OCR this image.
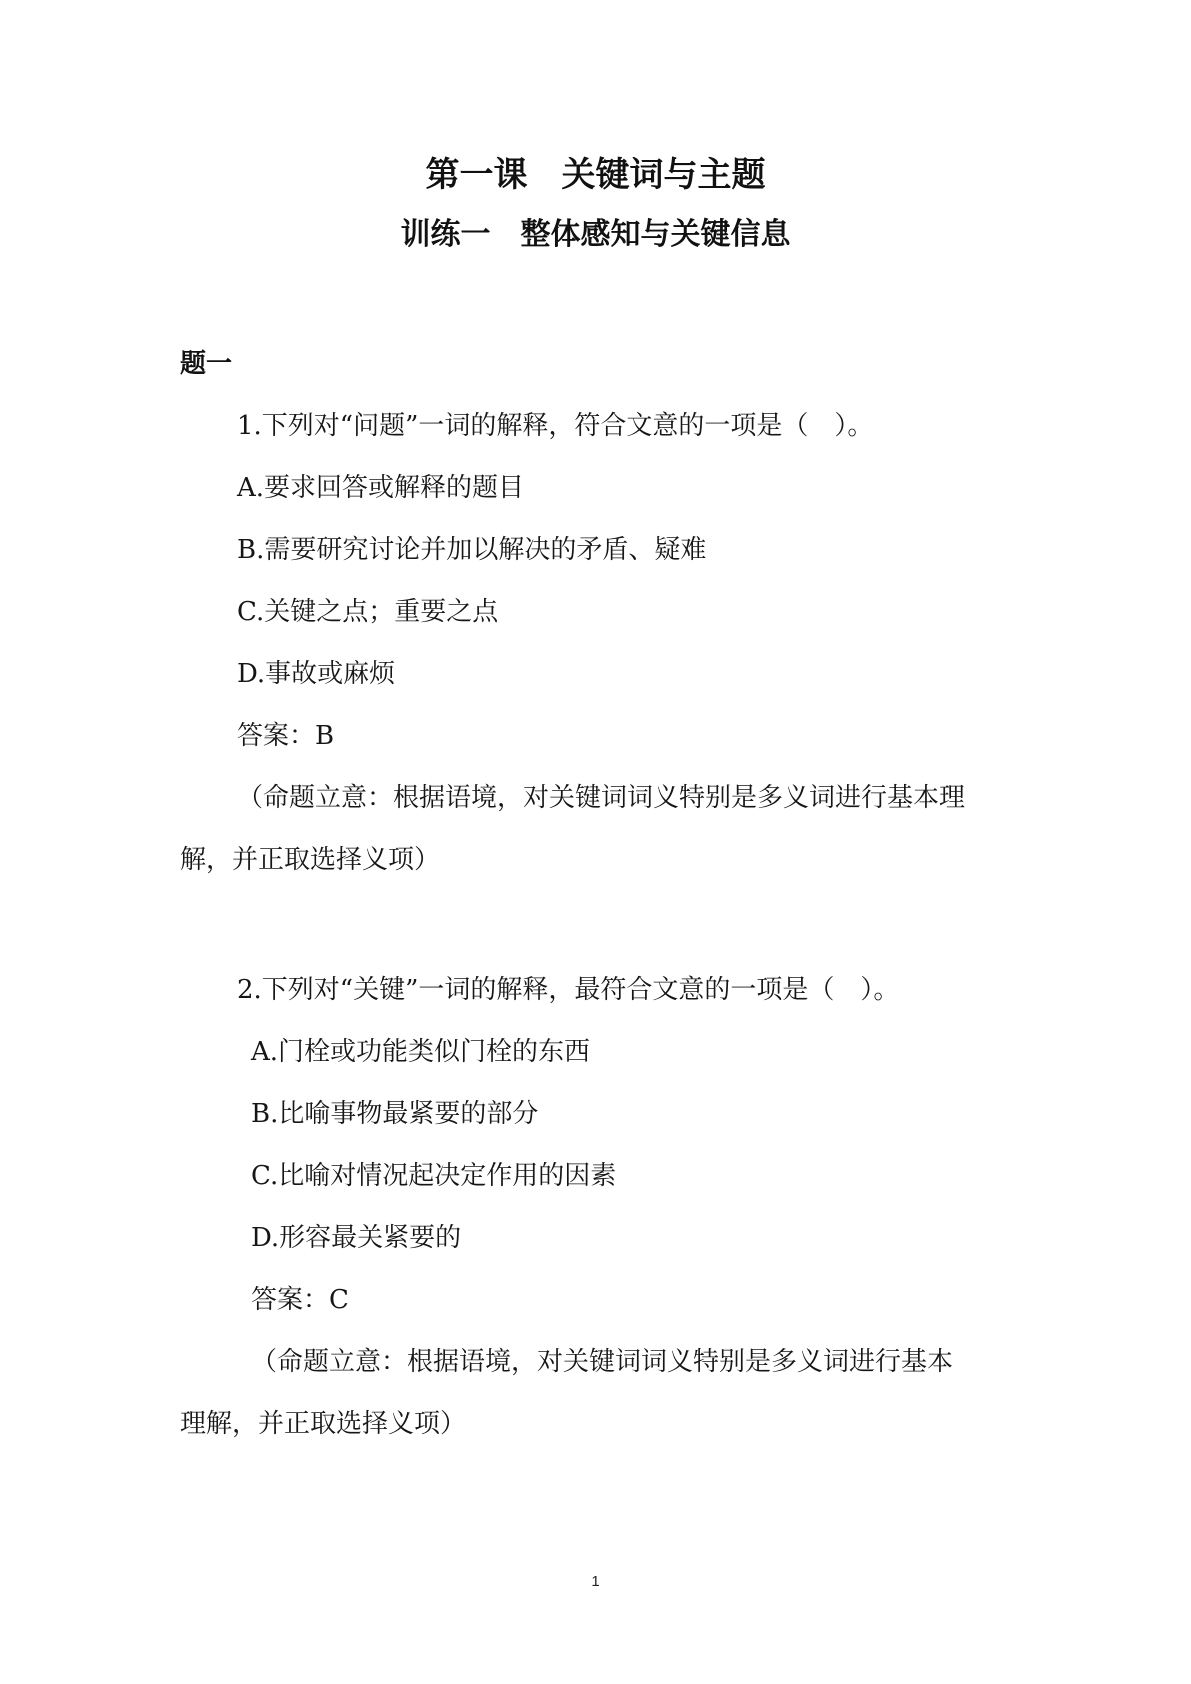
第一课　关键词与主题
训练一　整体感知与关键信息
题一
1.下列对“问题”一词的解释，符合文意的一项是（　）。
A.要求回答或解释的题目
B.需要研究讨论并加以解决的矛盾、疑难
C.关键之点；重要之点
D.事故或麻烦
答案：B
（命题立意：根据语境，对关键词词义特别是多义词进行基本理
解，并正取选择义项）
2.下列对“关键”一词的解释，最符合文意的一项是（　）。
A.门栓或功能类似门栓的东西
B.比喻事物最紧要的部分
C.比喻对情况起决定作用的因素
D.形容最关紧要的
答案：C
（命题立意：根据语境，对关键词词义特别是多义词进行基本
理解，并正取选择义项）
1
